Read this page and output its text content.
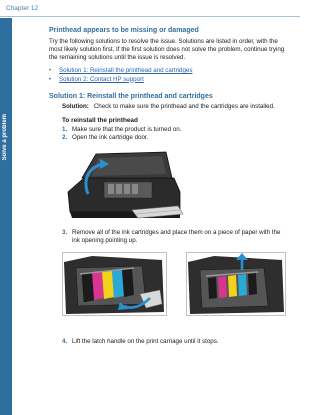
Chapter 12
Solve a problem
Printhead appears to be missing or damaged

Try the following solutions to resolve the issue. Solutions are listed in order, with the most likely solution first. If the first solution does not solve the problem, continue trying the remaining solutions until the issue is resolved.

•	Solution 1: Reinstall the printhead and cartridges
•	Solution 2: Contact HP support
Solution 1: Reinstall the printhead and cartridges
Solution: Check to make sure the printhead and the cartridges are installed.
To reinstall the printhead
1. Make sure that the product is turned on.
2. Open the ink cartridge door.
3. Remove all of the ink cartridges and place them on a piece of paper with the ink opening pointing up.
4. Lift the latch handle on the print carriage until it stops.
